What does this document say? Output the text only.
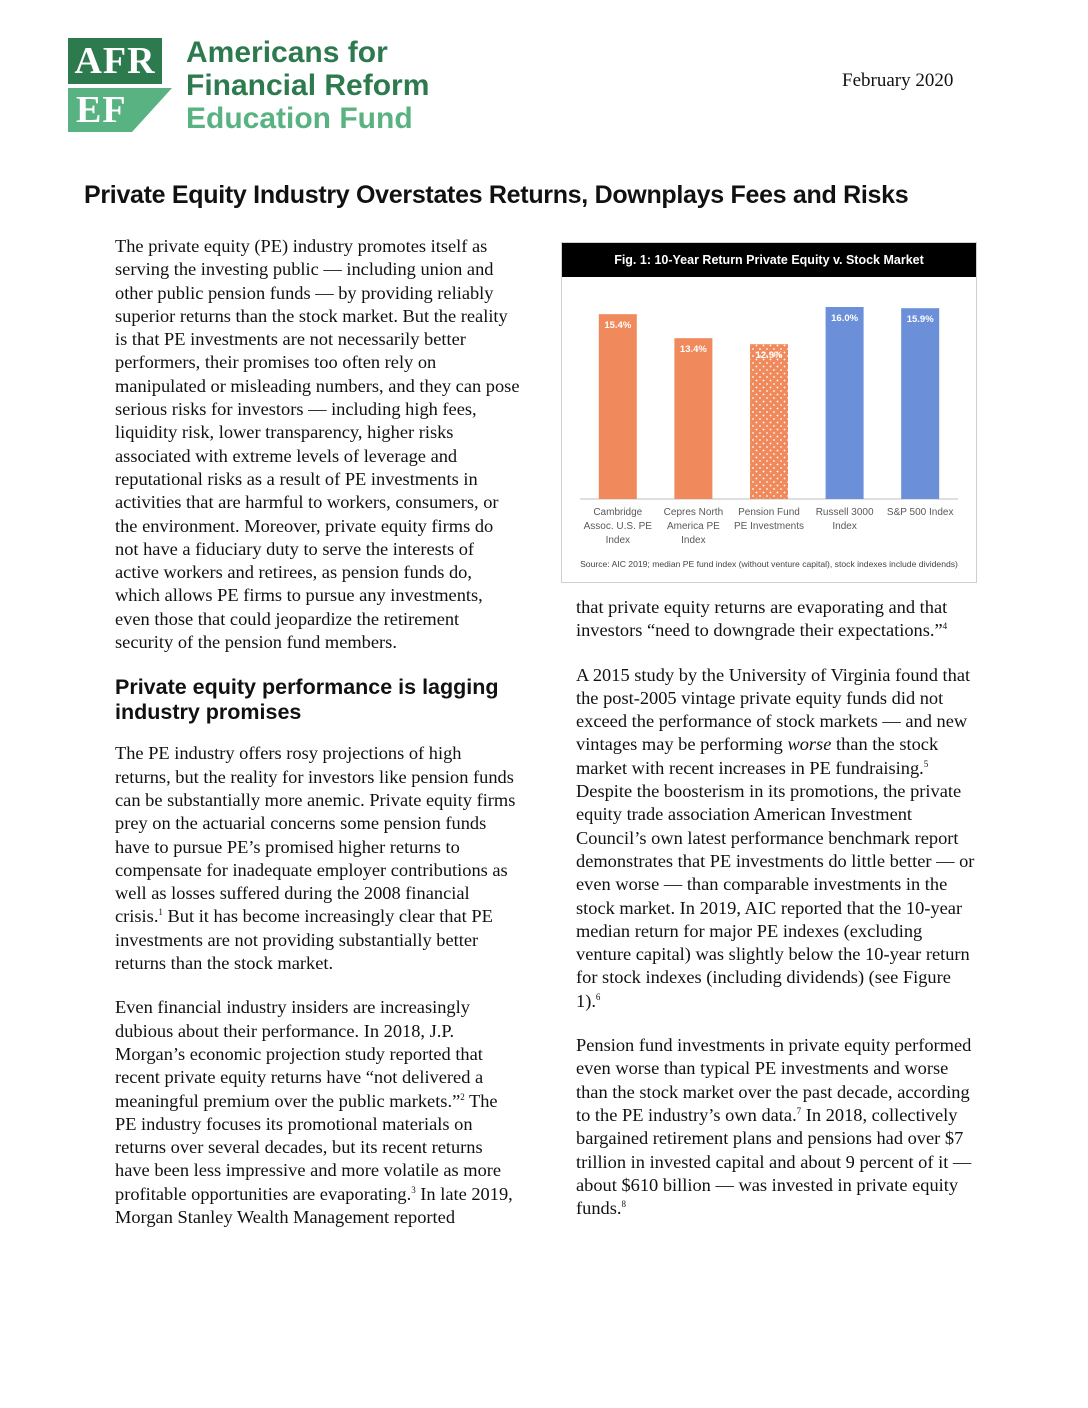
AFR
EF
Americans for
Financial Reform
Education Fund
February 2020
Private Equity Industry Overstates Returns, Downplays Fees and Risks

The private equity (PE) industry promotes itself as serving the investing public — including union and other public pension funds — by providing reliably superior returns than the stock market. But the reality is that PE investments are not necessarily better performers, their promises too often rely on manipulated or misleading numbers, and they can pose serious risks for investors — including high fees, liquidity risk, lower transparency, higher risks associated with extreme levels of leverage and reputational risks as a result of PE investments in activities that are harmful to workers, consumers, or the environment. Moreover, private equity firms do not have a fiduciary duty to serve the interests of active workers and retirees, as pension funds do, which allows PE firms to pursue any investments, even those that could jeopardize the retirement security of the pension fund members.

Private equity performance is lagging industry promises

The PE industry offers rosy projections of high returns, but the reality for investors like pension funds can be substantially more anemic. Private equity firms prey on the actuarial concerns some pension funds have to pursue PE’s promised higher returns to compensate for inadequate employer contributions as well as losses suffered during the 2008 financial crisis.$^1$ But it has become increasingly clear that PE investments are not providing substantially better returns than the stock market.

Even financial industry insiders are increasingly dubious about their performance. In 2018, J.P. Morgan’s economic projection study reported that recent private equity returns have “not delivered a meaningful premium over the public markets.”$^2$ The PE industry focuses its promotional materials on returns over several decades, but its recent returns have been less impressive and more volatile as more profitable opportunities are evaporating.$^3$ In late 2019, Morgan Stanley Wealth Management reported

Fig. 1: 10-Year Return Private Equity v. Stock Market
15.4%
Cambridge Assoc. U.S. PE Index
13.4%
Cepres North America PE Index
12.9%
Pension Fund PE Investments
16.0%
Russell 3000 Index
15.9%
S&P 500 Index
Source: AIC 2019; median PE fund index (without venture capital), stock indexes include dividends)

that private equity returns are evaporating and that investors “need to downgrade their expectations.”$^4$

A 2015 study by the University of Virginia found that the post-2005 vintage private equity funds did not exceed the performance of stock markets — and new vintages may be performing worse than the stock market with recent increases in PE fundraising.$^5$ Despite the boosterism in its promotions, the private equity trade association American Investment Council’s own latest performance benchmark report demonstrates that PE investments do little better — or even worse — than comparable investments in the stock market. In 2019, AIC reported that the 10-year median return for major PE indexes (excluding venture capital) was slightly below the 10-year return for stock indexes (including dividends) (see Figure 1).$^6$

Pension fund investments in private equity performed even worse than typical PE investments and worse than the stock market over the past decade, according to the PE industry’s own data.$^7$ In 2018, collectively bargained retirement plans and pensions had over $7 trillion in invested capital and about 9 percent of it — about $610 billion — was invested in private equity funds.$^8$
